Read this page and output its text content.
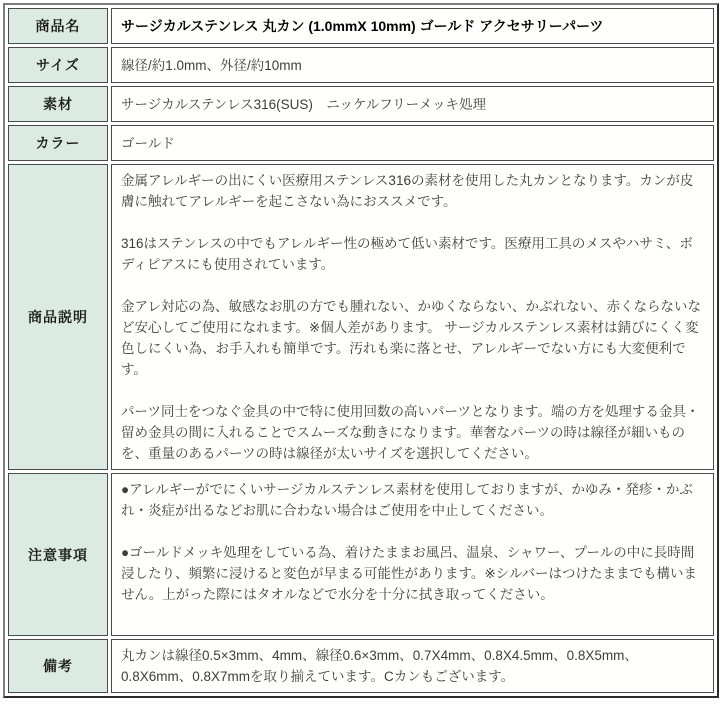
商品名	サージカルステンレス 丸カン (1.0mmX 10mm) ゴールド アクセサリーパーツ

サイズ	線径/約1.0mm、外径/約10mm

素材	サージカルステンレス316(SUS)　ニッケルフリーメッキ処理

カラー	ゴールド

商品説明	金属アレルギーの出にくい医療用ステンレス316の素材を使用した丸カンとなります。カンが皮膚に触れてアレルギーを起こさない為におススメです。

316はステンレスの中でもアレルギー性の極めて低い素材です。医療用工具のメスやハサミ、ボディピアスにも使用されています。

金アレ対応の為、敏感なお肌の方でも腫れない、かゆくならない、かぶれない、赤くならないなど安心してご使用になれます。※個人差があります。 サージカルステンレス素材は錆びにくく変色しにくい為、お手入れも簡単です。汚れも楽に落とせ、アレルギーでない方にも大変便利です。

パーツ同士をつなぐ金具の中で特に使用回数の高いパーツとなります。端の方を処理する金具・留め金具の間に入れることでスムーズな動きになります。華奢なパーツの時は線径が細いものを、重量のあるパーツの時は線径が太いサイズを選択してください。

注意事項	●アレルギーがでにくいサージカルステンレス素材を使用しておりますが、かゆみ・発疹・かぶれ・炎症が出るなどお肌に合わない場合はご使用を中止してください。

●ゴールドメッキ処理をしている為、着けたままお風呂、温泉、シャワー、プールの中に長時間浸したり、頻繁に浸けると変色が早まる可能性があります。※シルバーはつけたままでも構いません。上がった際にはタオルなどで水分を十分に拭き取ってください。

備考	丸カンは線径0.5×3mm、4mm、線径0.6×3mm、0.7X4mm、0.8X4.5mm、0.8X5mm、0.8X6mm、0.8X7mmを取り揃えています。Cカンもございます。
